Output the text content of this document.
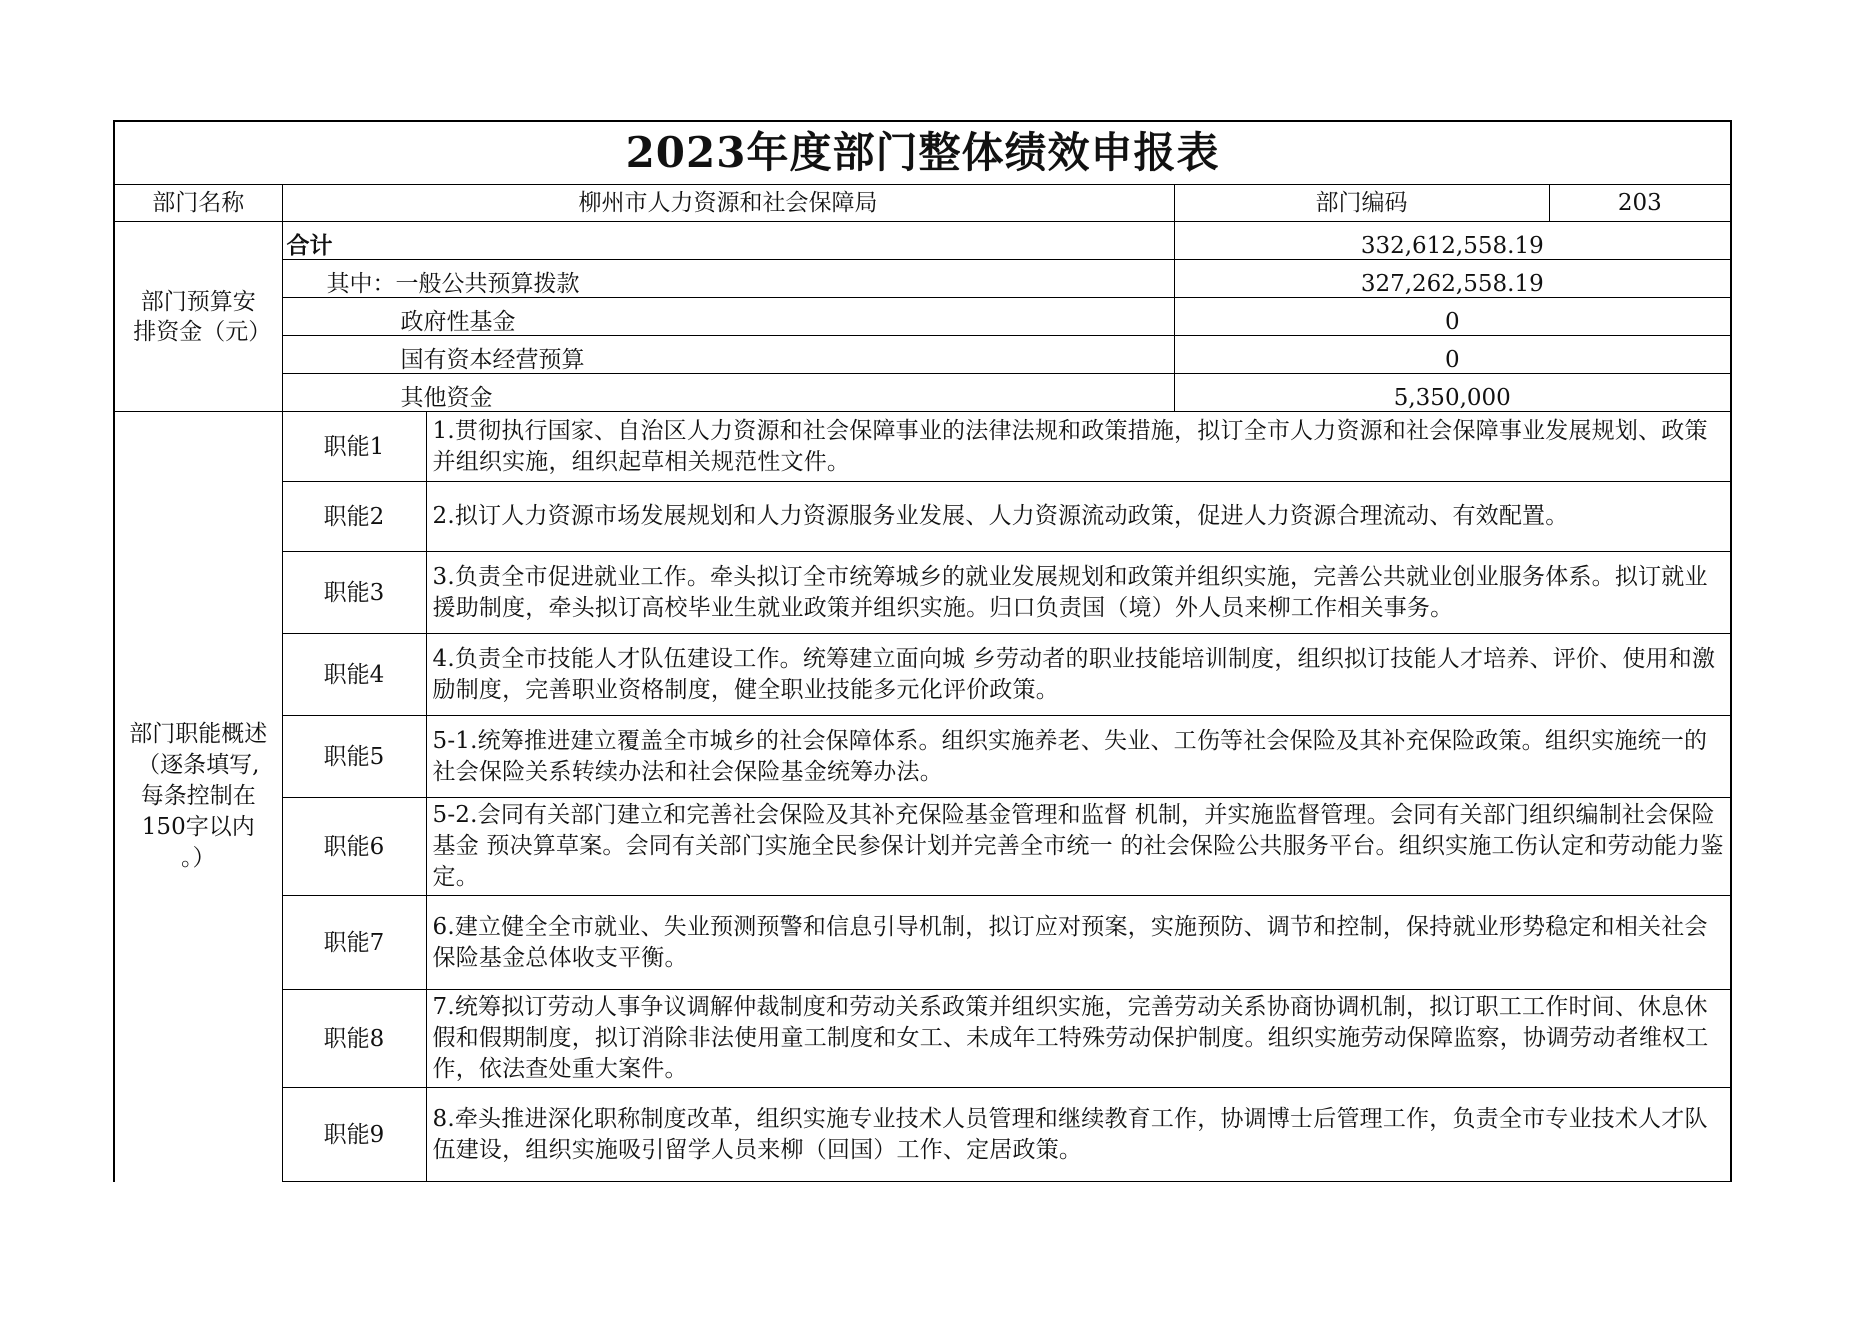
2023年度部门整体绩效申报表				
部门名称	柳州市人力资源和社会保障局		部门编码	203

部门预算安排资金（元）	合计		332,612,558.19	
	其中：一般公共预算拨款		327,262,558.19	
	政府性基金		0	
	国有资本经营预算		0	
	其他资金		5,350,000	

部门职能概述
（逐条填写,
每条控制在
150字以内
。）	职能1	1.贯彻执行国家、自治区人力资源和社会保障事业的法律法规和政策措施，拟订全市人力资源和社会保障事业发展规划、政策并组织实施，组织起草相关规范性文件。		
	职能2	2.拟订人力资源市场发展规划和人力资源服务业发展、人力资源流动政策，促进人力资源合理流动、有效配置。		
	职能3	3.负责全市促进就业工作。牵头拟订全市统筹城乡的就业发展规划和政策并组织实施，完善公共就业创业服务体系。拟订就业援助制度，牵头拟订高校毕业生就业政策并组织实施。归口负责国（境）外人员来柳工作相关事务。		
	职能4	4.负责全市技能人才队伍建设工作。统筹建立面向城 乡劳动者的职业技能培训制度，组织拟订技能人才培养、评价、使用和激励制度，完善职业资格制度，健全职业技能多元化评价政策。		
	职能5	5-1.统筹推进建立覆盖全市城乡的社会保障体系。组织实施养老、失业、工伤等社会保险及其补充保险政策。组织实施统一的社会保险关系转续办法和社会保险基金统筹办法。		
	职能6	5-2.会同有关部门建立和完善社会保险及其补充保险基金管理和监督 机制，并实施监督管理。会同有关部门组织编制社会保险基金 预决算草案。会同有关部门实施全民参保计划并完善全市统一 的社会保险公共服务平台。组织实施工伤认定和劳动能力鉴定。		
	职能7	6.建立健全全市就业、失业预测预警和信息引导机制，拟订应对预案，实施预防、调节和控制，保持就业形势稳定和相关社会保险基金总体收支平衡。		
	职能8	7.统筹拟订劳动人事争议调解仲裁制度和劳动关系政策并组织实施，完善劳动关系协商协调机制，拟订职工工作时间、休息休假和假期制度，拟订消除非法使用童工制度和女工、未成年工特殊劳动保护制度。组织实施劳动保障监察，协调劳动者维权工作，依法查处重大案件。		
	职能9	8.牵头推进深化职称制度改革，组织实施专业技术人员管理和继续教育工作，协调博士后管理工作，负责全市专业技术人才队伍建设，组织实施吸引留学人员来柳（回国）工作、定居政策。		
